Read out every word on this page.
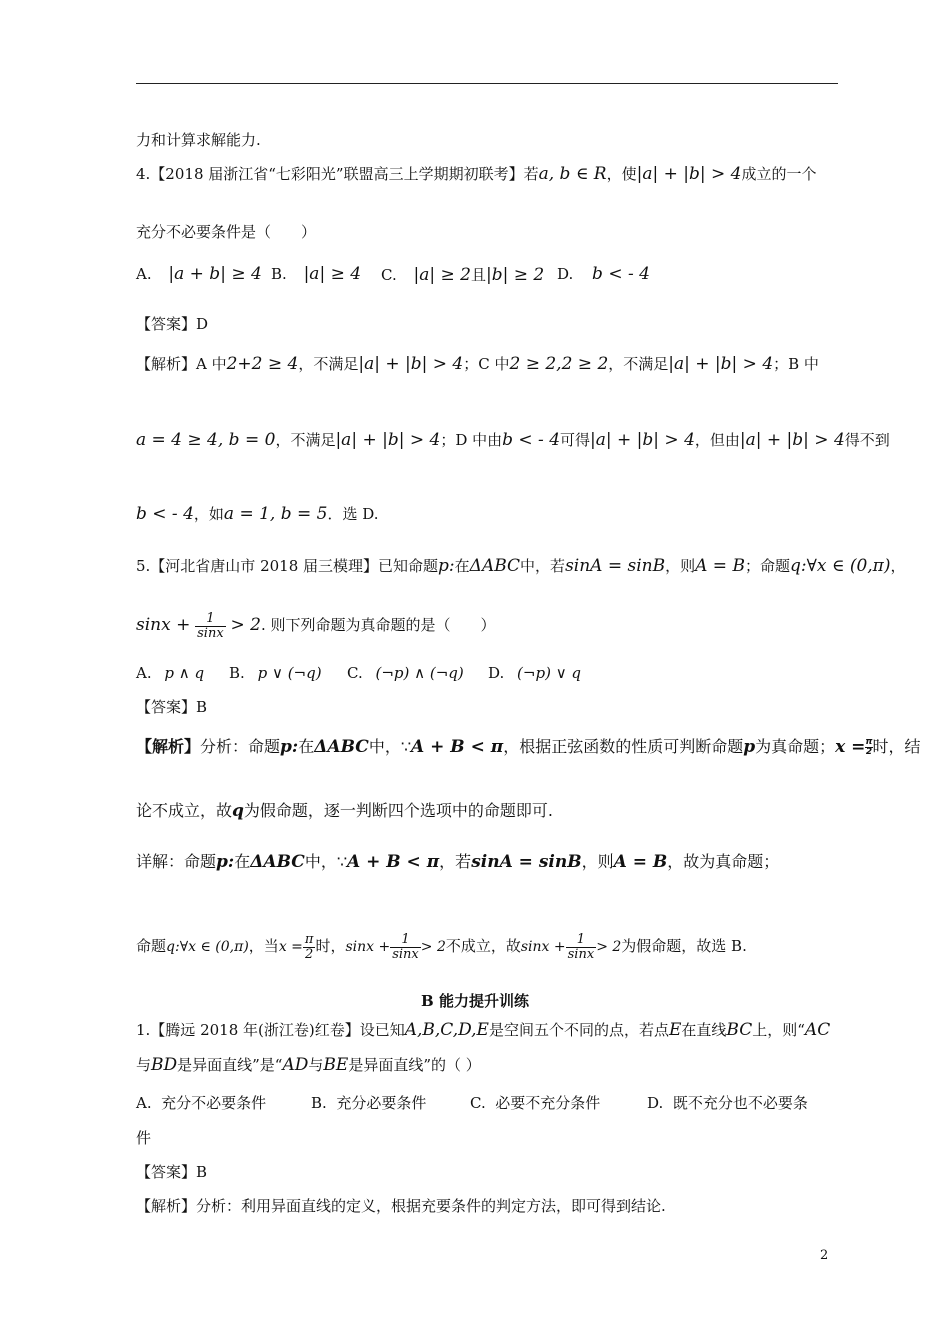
力和计算求解能力.
4.【2018 届浙江省“七彩阳光”联盟高三上学期期初联考】若a, b ∈ R，使|a| + |b| > 4成立的一个
充分不必要条件是（　　）
A. |a + b| ≥ 4 B. |a| ≥ 4 C. |a| ≥ 2且|b| ≥ 2 D. b < - 4
【答案】D
【解析】A 中2+2 ≥ 4，不满足|a| + |b| > 4；C 中2 ≥ 2,2 ≥ 2，不满足|a| + |b| > 4；B 中
a = 4 ≥ 4, b = 0，不满足|a| + |b| > 4；D 中由b < - 4可得|a| + |b| > 4，但由|a| + |b| > 4得不到
b < - 4，如a = 1, b = 5．选 D.
5.【河北省唐山市 2018 届三模理】已知命题p:在ΔABC中，若sinA = sinB，则A = B；命题q:∀x ∈ (0,π)，
$\sin x + \frac{1}{\sin x} > 2$. 则下列命题为真命题的是（　　）
A. p ∧ q B. p ∨ (¬q) C. (¬p) ∧ (¬q) D. (¬p) ∨ q
【答案】B
【解析】分析：命题p:在ΔABC中，∵A + B < π，根据正弦函数的性质可判断命题p为真命题；$x = \frac{\pi}{2}$时，结
论不成立，故q为假命题，逐一判断四个选项中的命题即可.
详解：命题p:在ΔABC中，∵A + B < π，若sinA = sinB，则A = B，故为真命题；
命题q:∀x ∈ (0,π)，当$x = \frac{\pi}{2}$ 时，$\sin x + \frac{1}{\sin x} > 2$不成立，故$\sin x + \frac{1}{\sin x} > 2$为假命题，故选 B.
B 能力提升训练
1.【腾远 2018 年(浙江卷)红卷】设已知A,B,C,D,E是空间五个不同的点，若点E在直线BC上，则“AC
与BD是异面直线”是“AD与BE是异面直线”的（ ）
A. 充分不必要条件	B. 充分必要条件	C. 必要不充分条件	D. 既不充分也不必要条
件
【答案】B
【解析】分析：利用异面直线的定义，根据充要条件的判定方法，即可得到结论.
2
